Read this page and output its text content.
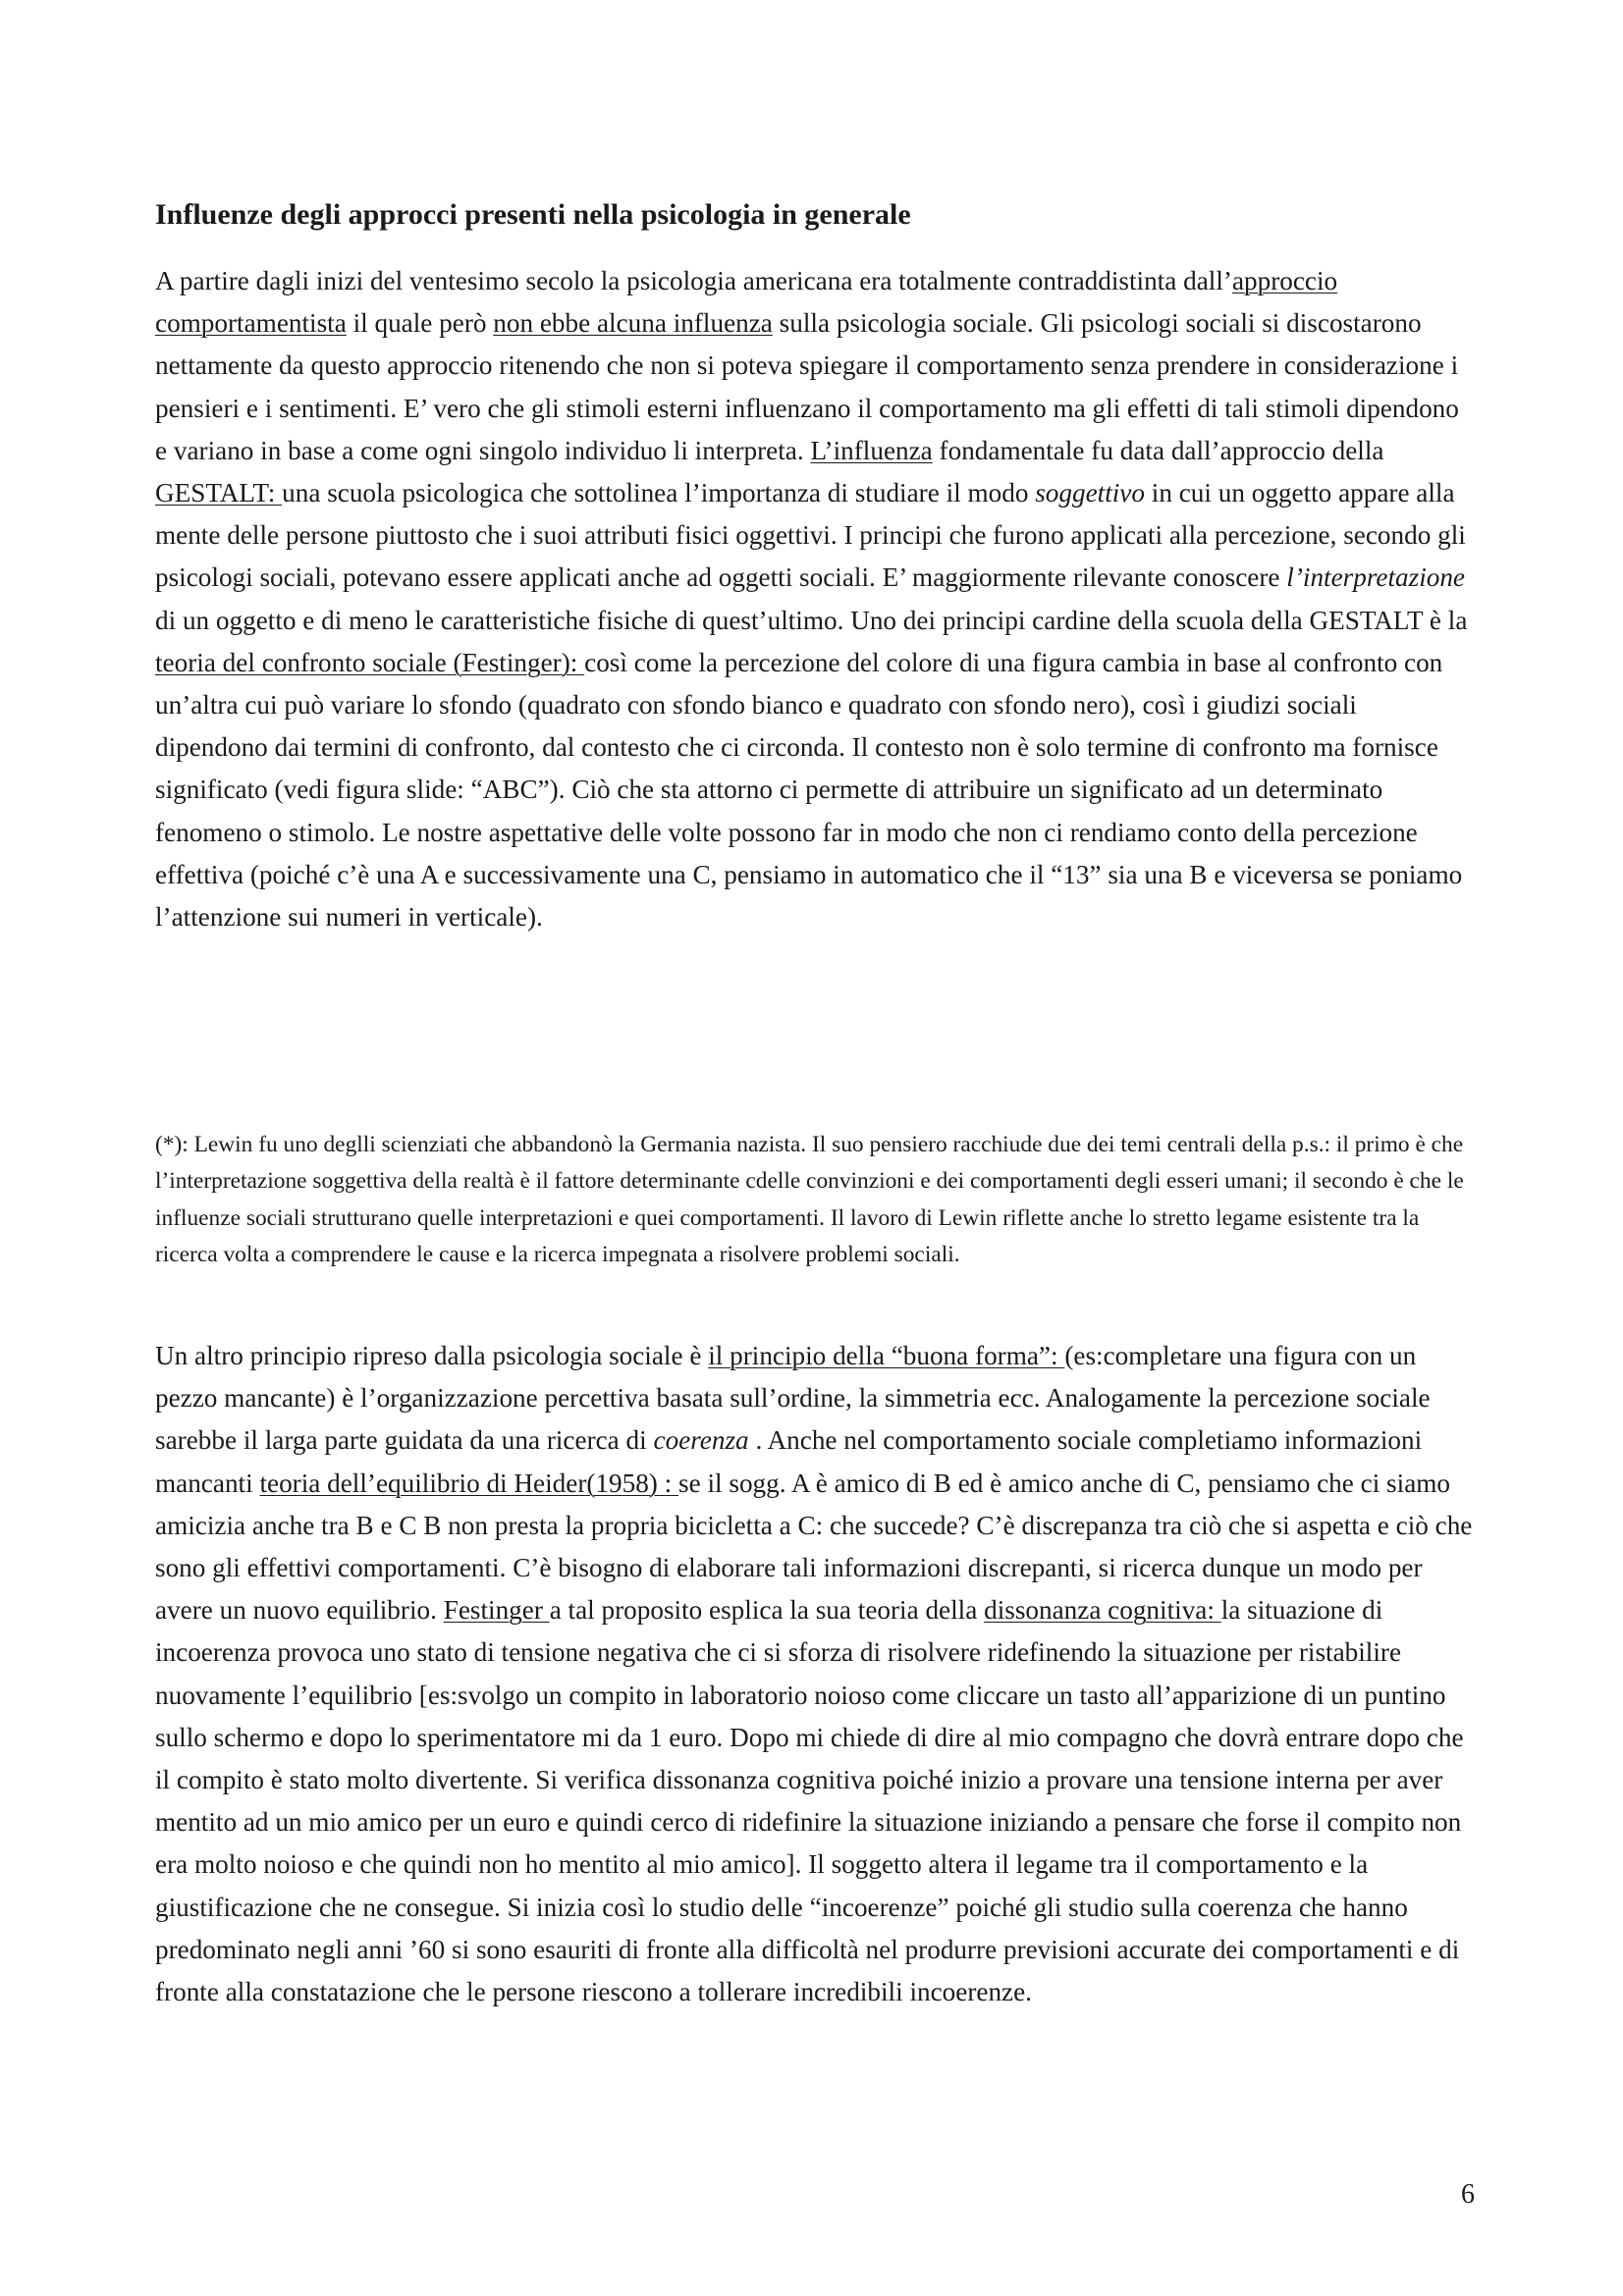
Influenze degli approcci presenti nella psicologia in generale

A partire dagli inizi del ventesimo secolo la psicologia americana era totalmente contraddistinta dall’approccio comportamentista il quale però non ebbe alcuna influenza sulla psicologia sociale. Gli psicologi sociali si discostarono nettamente da questo approccio ritenendo che non si poteva spiegare il comportamento senza prendere in considerazione i pensieri e i sentimenti. E’ vero che gli stimoli esterni influenzano il comportamento ma gli effetti di tali stimoli dipendono e variano in base a come ogni singolo individuo li interpreta. L’influenza fondamentale fu data dall’approccio della GESTALT: una scuola psicologica che sottolinea l’importanza di studiare il modo soggettivo in cui un oggetto appare alla mente delle persone piuttosto che i suoi attributi fisici oggettivi. I principi che furono applicati alla percezione, secondo gli psicologi sociali, potevano essere applicati anche ad oggetti sociali. E’ maggiormente rilevante conoscere l’interpretazione di un oggetto e di meno le caratteristiche fisiche di quest’ultimo. Uno dei principi cardine della scuola della GESTALT è la teoria del confronto sociale (Festinger): così come la percezione del colore di una figura cambia in base al confronto con un’altra cui può variare lo sfondo (quadrato con sfondo bianco e quadrato con sfondo nero), così i giudizi sociali dipendono dai termini di confronto, dal contesto che ci circonda. Il contesto non è solo termine di confronto ma fornisce significato (vedi figura slide: “ABC”). Ciò che sta attorno ci permette di attribuire un significato ad un determinato fenomeno o stimolo. Le nostre aspettative delle volte possono far in modo che non ci rendiamo conto della percezione effettiva (poiché c’è una A e successivamente una C, pensiamo in automatico che il “13” sia una B e viceversa se poniamo l’attenzione sui numeri in verticale).

(*): Lewin fu uno deglli scienziati che abbandonò la Germania nazista. Il suo pensiero racchiude due dei temi centrali della p.s.: il primo è che l’interpretazione soggettiva della realtà è il fattore determinante cdelle convinzioni e dei comportamenti degli esseri umani; il secondo è che le influenze sociali strutturano quelle interpretazioni e quei comportamenti. Il lavoro di Lewin riflette anche lo stretto legame esistente tra la ricerca volta a comprendere le cause e la ricerca impegnata a risolvere problemi sociali.

Un altro principio ripreso dalla psicologia sociale è il principio della “buona forma”: (es:completare una figura con un pezzo mancante) è l’organizzazione percettiva basata sull’ordine, la simmetria ecc. Analogamente la percezione sociale sarebbe il larga parte guidata da una ricerca di coerenza . Anche nel comportamento sociale completiamo informazioni mancanti teoria dell’equilibrio di Heider(1958) : se il sogg. A è amico di B ed è amico anche di C, pensiamo che ci siamo amicizia anche tra B e C B non presta la propria bicicletta a C: che succede? C’è discrepanza tra ciò che si aspetta e ciò che sono gli effettivi comportamenti. C’è bisogno di elaborare tali informazioni discrepanti, si ricerca dunque un modo per avere un nuovo equilibrio. Festinger a tal proposito esplica la sua teoria della dissonanza cognitiva: la situazione di incoerenza provoca uno stato di tensione negativa che ci si sforza di risolvere ridefinendo la situazione per ristabilire nuovamente l’equilibrio [es:svolgo un compito in laboratorio noioso come cliccare un tasto all’apparizione di un puntino sullo schermo e dopo lo sperimentatore mi da 1 euro. Dopo mi chiede di dire al mio compagno che dovrà entrare dopo che il compito è stato molto divertente. Si verifica dissonanza cognitiva poiché inizio a provare una tensione interna per aver mentito ad un mio amico per un euro e quindi cerco di ridefinire la situazione iniziando a pensare che forse il compito non era molto noioso e che quindi non ho mentito al mio amico]. Il soggetto altera il legame tra il comportamento e la giustificazione che ne consegue. Si inizia così lo studio delle “incoerenze” poiché gli studio sulla coerenza che hanno predominato negli anni ’60 si sono esauriti di fronte alla difficoltà nel produrre previsioni accurate dei comportamenti e di fronte alla constatazione che le persone riescono a tollerare incredibili incoerenze.

6
